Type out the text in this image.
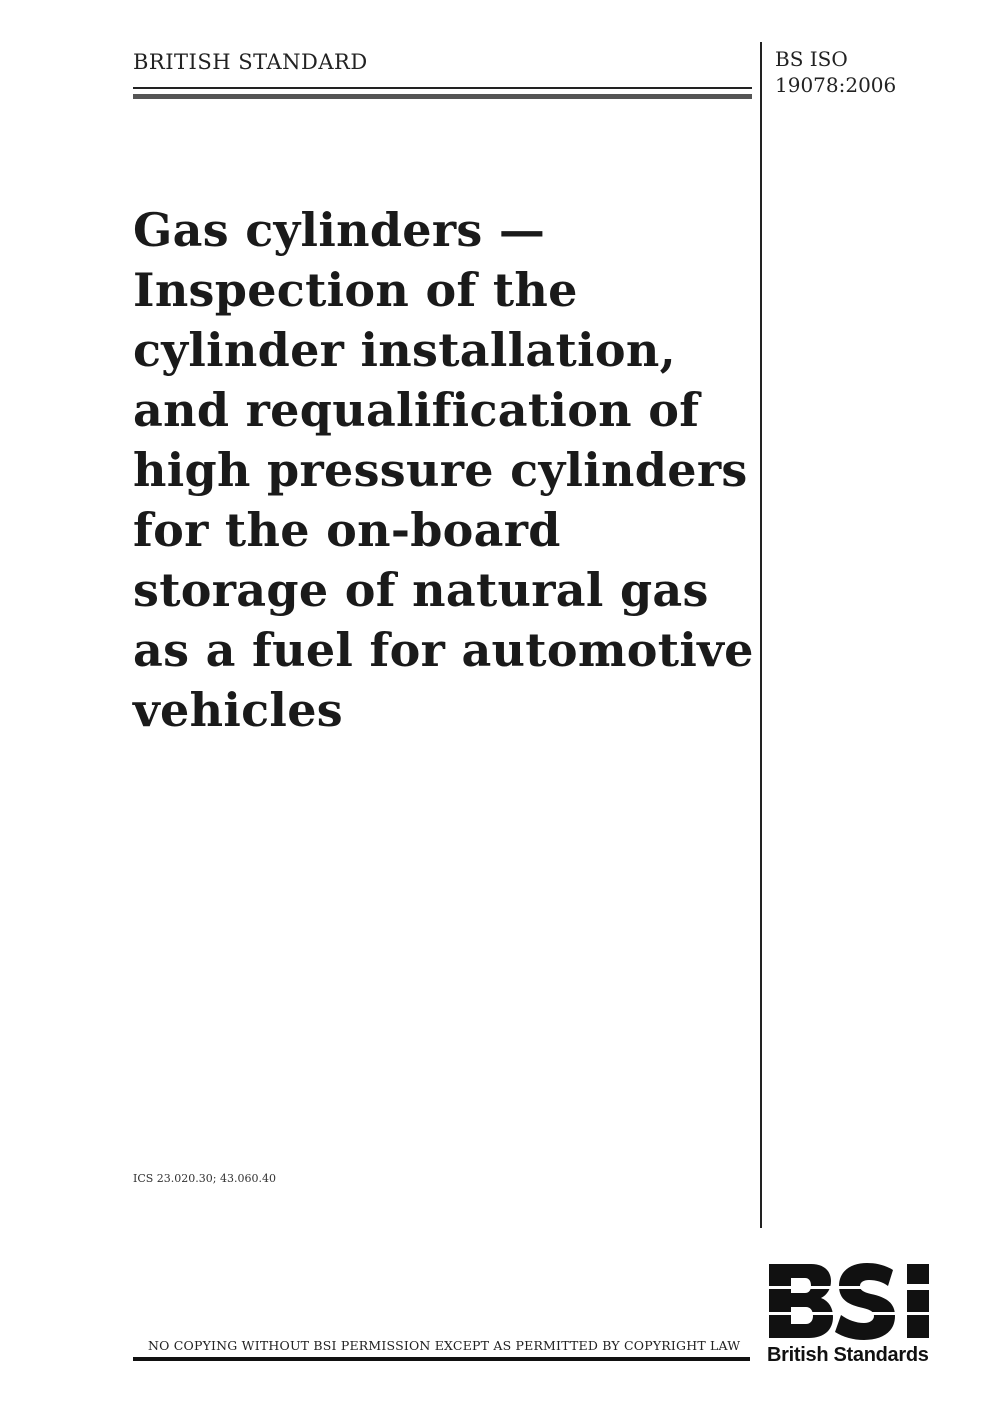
BRITISH STANDARD	BS ISO
19078:2006
Gas cylinders —
Inspection of the
cylinder installation,
and requalification of
high pressure cylinders
for the on-board
storage of natural gas
as a fuel for automotive
vehicles
ICS 23.020.30; 43.060.40
NO COPYING WITHOUT BSI PERMISSION EXCEPT AS PERMITTED BY COPYRIGHT LAW British Standards
